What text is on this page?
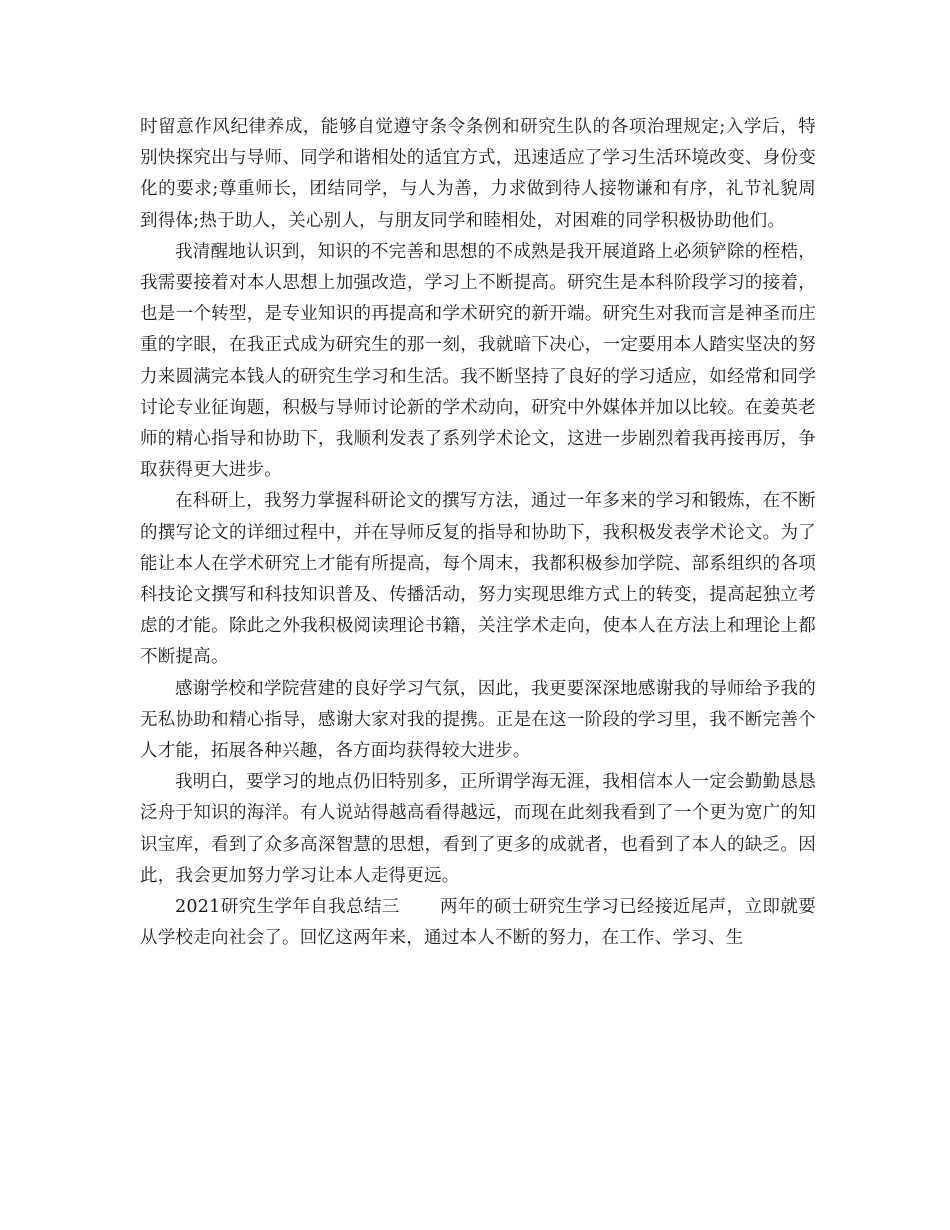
时留意作风纪律养成，能够自觉遵守条令条例和研究生队的各项治理规定;入学后，特别快探究出与导师、同学和谐相处的适宜方式，迅速适应了学习生活环境改变、身份变化的要求;尊重师长，团结同学，与人为善，力求做到待人接物谦和有序，礼节礼貌周到得体;热于助人，关心别人，与朋友同学和睦相处，对困难的同学积极协助他们。

我清醒地认识到，知识的不完善和思想的不成熟是我开展道路上必须铲除的桎梏，我需要接着对本人思想上加强改造，学习上不断提高。研究生是本科阶段学习的接着，也是一个转型，是专业知识的再提高和学术研究的新开端。研究生对我而言是神圣而庄重的字眼，在我正式成为研究生的那一刻，我就暗下决心，一定要用本人踏实坚决的努力来圆满完本钱人的研究生学习和生活。我不断坚持了良好的学习适应，如经常和同学讨论专业征询题，积极与导师讨论新的学术动向，研究中外媒体并加以比较。在姜英老师的精心指导和协助下，我顺利发表了系列学术论文，这进一步剧烈着我再接再厉，争取获得更大进步。

在科研上，我努力掌握科研论文的撰写方法，通过一年多来的学习和锻炼，在不断的撰写论文的详细过程中，并在导师反复的指导和协助下，我积极发表学术论文。为了能让本人在学术研究上才能有所提高，每个周末，我都积极参加学院、部系组织的各项科技论文撰写和科技知识普及、传播活动，努力实现思维方式上的转变，提高起独立考虑的才能。除此之外我积极阅读理论书籍，关注学术走向，使本人在方法上和理论上都不断提高。

感谢学校和学院营建的良好学习气氛，因此，我更要深深地感谢我的导师给予我的无私协助和精心指导，感谢大家对我的提携。正是在这一阶段的学习里，我不断完善个人才能，拓展各种兴趣，各方面均获得较大进步。

我明白，要学习的地点仍旧特别多，正所谓学海无涯，我相信本人一定会勤勤恳恳泛舟于知识的海洋。有人说站得越高看得越远，而现在此刻我看到了一个更为宽广的知识宝库，看到了众多高深智慧的思想，看到了更多的成就者，也看到了本人的缺乏。因此，我会更加努力学习让本人走得更远。

2021研究生学年自我总结三 两年的硕士研究生学习已经接近尾声，立即就要从学校走向社会了。回忆这两年来，通过本人不断的努力，在工作、学习、生
